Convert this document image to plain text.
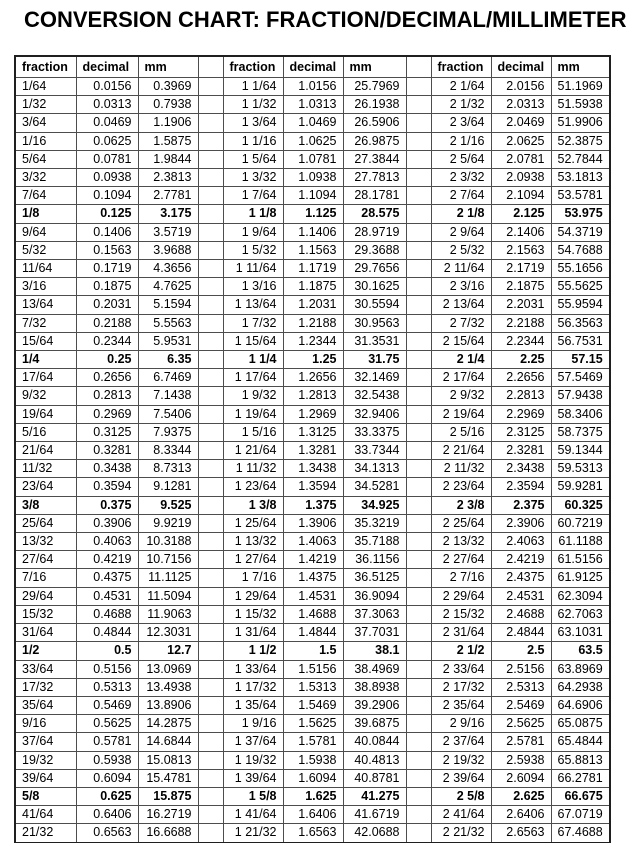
CONVERSION CHART: FRACTION/DECIMAL/MILLIMETER
fraction	decimal	mm		fraction	decimal	mm		fraction	decimal	mm
1/64	0.0156	0.3969		1 1/64	1.0156	25.7969		2 1/64	2.0156	51.1969
1/32	0.0313	0.7938		1 1/32	1.0313	26.1938		2 1/32	2.0313	51.5938
3/64	0.0469	1.1906		1 3/64	1.0469	26.5906		2 3/64	2.0469	51.9906
1/16	0.0625	1.5875		1 1/16	1.0625	26.9875		2 1/16	2.0625	52.3875
5/64	0.0781	1.9844		1 5/64	1.0781	27.3844		2 5/64	2.0781	52.7844
3/32	0.0938	2.3813		1 3/32	1.0938	27.7813		2 3/32	2.0938	53.1813
7/64	0.1094	2.7781		1 7/64	1.1094	28.1781		2 7/64	2.1094	53.5781
1/8	0.125	3.175		1 1/8	1.125	28.575		2 1/8	2.125	53.975
9/64	0.1406	3.5719		1 9/64	1.1406	28.9719		2 9/64	2.1406	54.3719
5/32	0.1563	3.9688		1 5/32	1.1563	29.3688		2 5/32	2.1563	54.7688
11/64	0.1719	4.3656		1 11/64	1.1719	29.7656		2 11/64	2.1719	55.1656
3/16	0.1875	4.7625		1 3/16	1.1875	30.1625		2 3/16	2.1875	55.5625
13/64	0.2031	5.1594		1 13/64	1.2031	30.5594		2 13/64	2.2031	55.9594
7/32	0.2188	5.5563		1 7/32	1.2188	30.9563		2 7/32	2.2188	56.3563
15/64	0.2344	5.9531		1 15/64	1.2344	31.3531		2 15/64	2.2344	56.7531
1/4	0.25	6.35		1 1/4	1.25	31.75		2 1/4	2.25	57.15
17/64	0.2656	6.7469		1 17/64	1.2656	32.1469		2 17/64	2.2656	57.5469
9/32	0.2813	7.1438		1 9/32	1.2813	32.5438		2 9/32	2.2813	57.9438
19/64	0.2969	7.5406		1 19/64	1.2969	32.9406		2 19/64	2.2969	58.3406
5/16	0.3125	7.9375		1 5/16	1.3125	33.3375		2 5/16	2.3125	58.7375
21/64	0.3281	8.3344		1 21/64	1.3281	33.7344		2 21/64	2.3281	59.1344
11/32	0.3438	8.7313		1 11/32	1.3438	34.1313		2 11/32	2.3438	59.5313
23/64	0.3594	9.1281		1 23/64	1.3594	34.5281		2 23/64	2.3594	59.9281
3/8	0.375	9.525		1 3/8	1.375	34.925		2 3/8	2.375	60.325
25/64	0.3906	9.9219		1 25/64	1.3906	35.3219		2 25/64	2.3906	60.7219
13/32	0.4063	10.3188		1 13/32	1.4063	35.7188		2 13/32	2.4063	61.1188
27/64	0.4219	10.7156		1 27/64	1.4219	36.1156		2 27/64	2.4219	61.5156
7/16	0.4375	11.1125		1 7/16	1.4375	36.5125		2 7/16	2.4375	61.9125
29/64	0.4531	11.5094		1 29/64	1.4531	36.9094		2 29/64	2.4531	62.3094
15/32	0.4688	11.9063		1 15/32	1.4688	37.3063		2 15/32	2.4688	62.7063
31/64	0.4844	12.3031		1 31/64	1.4844	37.7031		2 31/64	2.4844	63.1031
1/2	0.5	12.7		1 1/2	1.5	38.1		2 1/2	2.5	63.5
33/64	0.5156	13.0969		1 33/64	1.5156	38.4969		2 33/64	2.5156	63.8969
17/32	0.5313	13.4938		1 17/32	1.5313	38.8938		2 17/32	2.5313	64.2938
35/64	0.5469	13.8906		1 35/64	1.5469	39.2906		2 35/64	2.5469	64.6906
9/16	0.5625	14.2875		1 9/16	1.5625	39.6875		2 9/16	2.5625	65.0875
37/64	0.5781	14.6844		1 37/64	1.5781	40.0844		2 37/64	2.5781	65.4844
19/32	0.5938	15.0813		1 19/32	1.5938	40.4813		2 19/32	2.5938	65.8813
39/64	0.6094	15.4781		1 39/64	1.6094	40.8781		2 39/64	2.6094	66.2781
5/8	0.625	15.875		1 5/8	1.625	41.275		2 5/8	2.625	66.675
41/64	0.6406	16.2719		1 41/64	1.6406	41.6719		2 41/64	2.6406	67.0719
21/32	0.6563	16.6688		1 21/32	1.6563	42.0688		2 21/32	2.6563	67.4688
